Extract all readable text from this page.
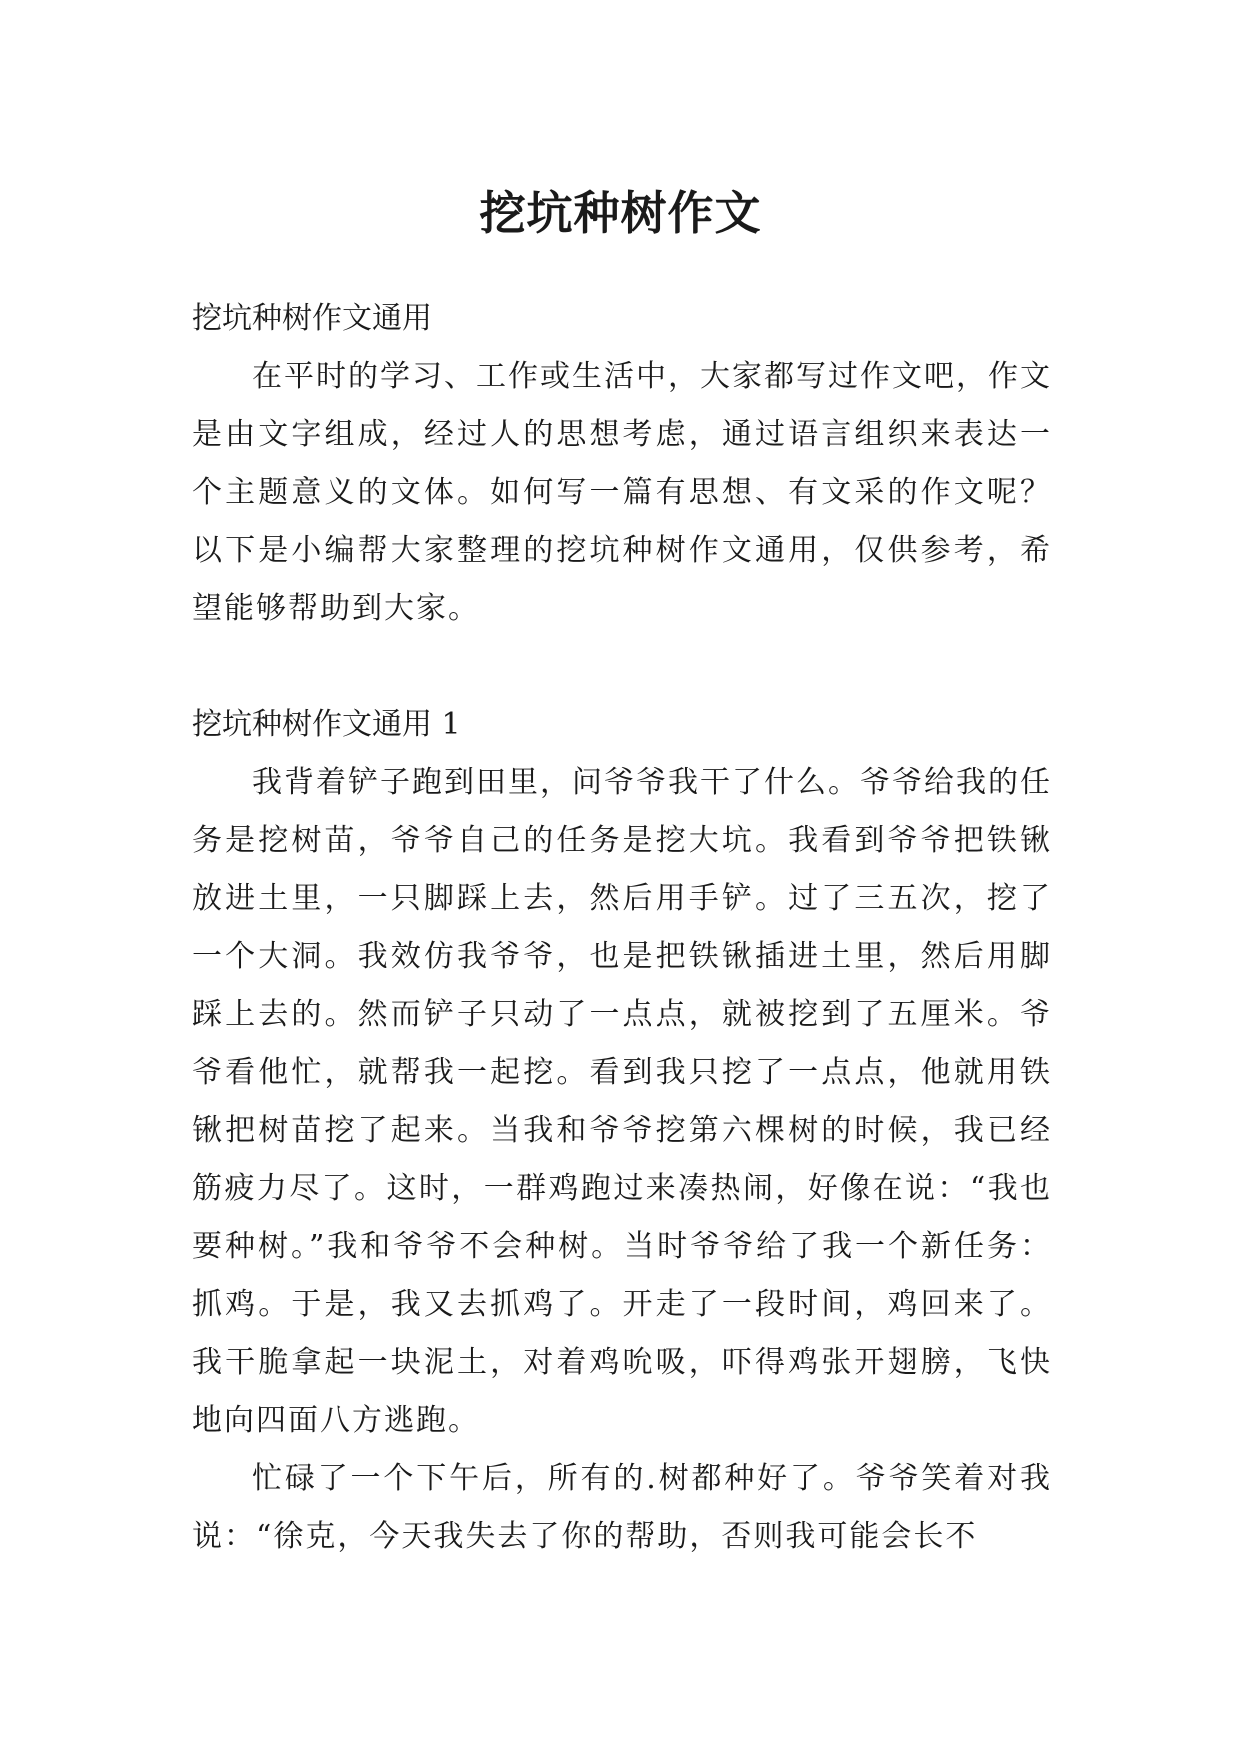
挖坑种树作文

挖坑种树作文通用

在平时的学习、工作或生活中，大家都写过作文吧，作文是由文字组成，经过人的思想考虑，通过语言组织来表达一个主题意义的文体。如何写一篇有思想、有文采的作文呢？以下是小编帮大家整理的挖坑种树作文通用，仅供参考，希望能够帮助到大家。

挖坑种树作文通用 1

我背着铲子跑到田里，问爷爷我干了什么。爷爷给我的任务是挖树苗，爷爷自己的任务是挖大坑。我看到爷爷把铁锹放进土里，一只脚踩上去，然后用手铲。过了三五次，挖了一个大洞。我效仿我爷爷，也是把铁锹插进土里，然后用脚踩上去的。然而铲子只动了一点点，就被挖到了五厘米。爷爷看他忙，就帮我一起挖。看到我只挖了一点点，他就用铁锹把树苗挖了起来。当我和爷爷挖第六棵树的时候，我已经筋疲力尽了。这时，一群鸡跑过来凑热闹，好像在说：“我也要种树。”我和爷爷不会种树。当时爷爷给了我一个新任务：抓鸡。于是，我又去抓鸡了。开走了一段时间，鸡回来了。我干脆拿起一块泥土，对着鸡吮吸，吓得鸡张开翅膀，飞快地向四面八方逃跑。

忙碌了一个下午后，所有的.树都种好了。爷爷笑着对我说：“徐克，今天我失去了你的帮助，否则我可能会长不
